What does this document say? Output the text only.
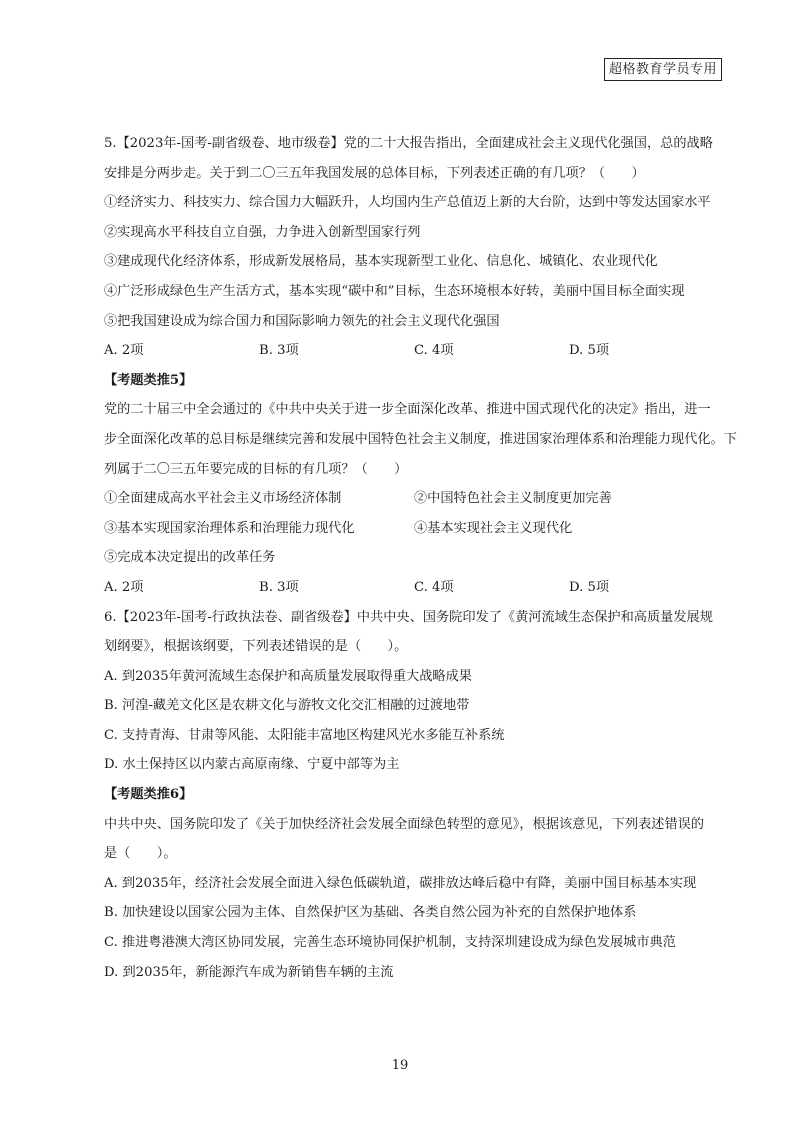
超格教育学员专用
5.【2023年-国考-副省级卷、地市级卷】党的二十大报告指出，全面建成社会主义现代化强国，总的战略
安排是分两步走。关于到二〇三五年我国发展的总体目标，下列表述正确的有几项？（　　）
①经济实力、科技实力、综合国力大幅跃升，人均国内生产总值迈上新的大台阶，达到中等发达国家水平
②实现高水平科技自立自强，力争进入创新型国家行列
③建成现代化经济体系，形成新发展格局，基本实现新型工业化、信息化、城镇化、农业现代化
④广泛形成绿色生产生活方式，基本实现“碳中和”目标，生态环境根本好转，美丽中国目标全面实现
⑤把我国建设成为综合国力和国际影响力领先的社会主义现代化强国
A. 2项	B. 3项	C. 4项	D. 5项
【考题类推5】
党的二十届三中全会通过的《中共中央关于进一步全面深化改革、推进中国式现代化的决定》指出，进一
步全面深化改革的总目标是继续完善和发展中国特色社会主义制度，推进国家治理体系和治理能力现代化。下
列属于二〇三五年要完成的目标的有几项？（　　）
①全面建成高水平社会主义市场经济体制	②中国特色社会主义制度更加完善
③基本实现国家治理体系和治理能力现代化	④基本实现社会主义现代化
⑤完成本决定提出的改革任务
A. 2项	B. 3项	C. 4项	D. 5项
6.【2023年-国考-行政执法卷、副省级卷】中共中央、国务院印发了《黄河流域生态保护和高质量发展规
划纲要》，根据该纲要，下列表述错误的是（　　）。
A. 到2035年黄河流域生态保护和高质量发展取得重大战略成果
B. 河湟-藏羌文化区是农耕文化与游牧文化交汇相融的过渡地带
C. 支持青海、甘肃等风能、太阳能丰富地区构建风光水多能互补系统
D. 水土保持区以内蒙古高原南缘、宁夏中部等为主
【考题类推6】
中共中央、国务院印发了《关于加快经济社会发展全面绿色转型的意见》，根据该意见，下列表述错误的
是（　　）。
A. 到2035年，经济社会发展全面进入绿色低碳轨道，碳排放达峰后稳中有降，美丽中国目标基本实现
B. 加快建设以国家公园为主体、自然保护区为基础、各类自然公园为补充的自然保护地体系
C. 推进粤港澳大湾区协同发展，完善生态环境协同保护机制，支持深圳建设成为绿色发展城市典范
D. 到2035年，新能源汽车成为新销售车辆的主流
19
